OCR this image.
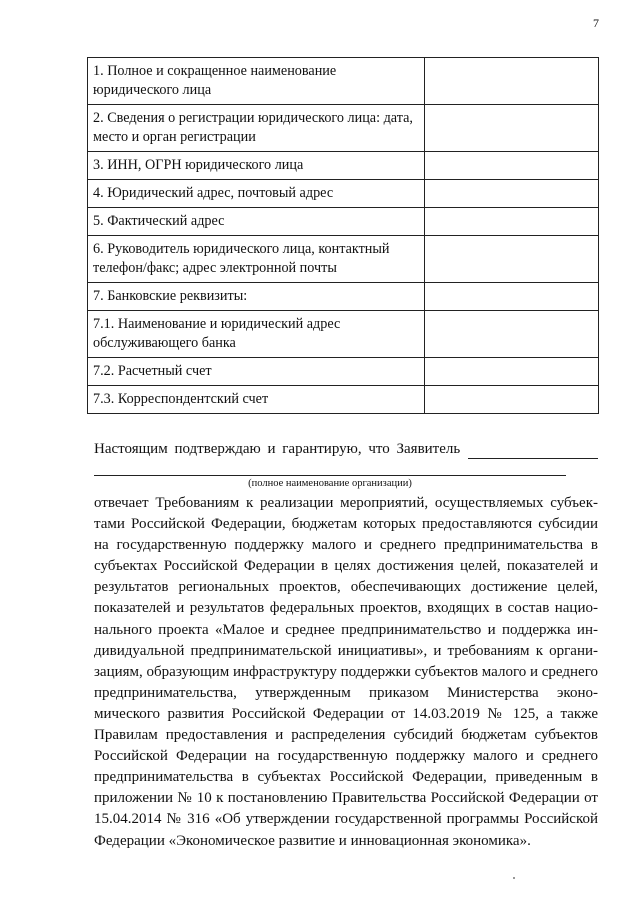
7
1. Полное и сокращенное наименование юридического лица	
2. Сведения о регистрации юридического лица: дата, место и орган регистрации	
3. ИНН, ОГРН юридического лица	
4. Юридический адрес, почтовый адрес	
5. Фактический адрес	
6. Руководитель юридического лица, контактный телефон/факс; адрес электронной почты	
7. Банковские реквизиты:	
7.1. Наименование и юридический адрес обслуживающего банка	
7.2. Расчетный счет	
7.3. Корреспондентский счет	
Настоящим подтверждаю и гарантирую, что Заявитель
(полное наименование организации)

отвечает Требованиям к реализации мероприятий, осуществляемых субъектами Российской Федерации, бюджетам которых предоставляются субсидии на государственную поддержку малого и среднего предпринимательства в субъектах Российской Федерации в целях достижения целей, показателей и результатов региональных проектов, обеспечивающих достижение целей, показателей и результатов федеральных проектов, входящих в состав национального проекта «Малое и среднее предпринимательство и поддержка индивидуальной предпринимательской инициативы», и требованиям к организациям, образующим инфраструктуру поддержки субъектов малого и среднего предпринимательства, утвержденным приказом Министерства экономического развития Российской Федерации от 14.03.2019 № 125, а также Правилам предоставления и распределения субсидий бюджетам субъектов Российской Федерации на государственную поддержку малого и среднего предпринимательства в субъектах Российской Федерации, приведенным в приложении № 10 к постановлению Правительства Российской Федерации от 15.04.2014 № 316 «Об утверждении государственной программы Российской Федерации «Экономическое развитие и инновационная экономика».
